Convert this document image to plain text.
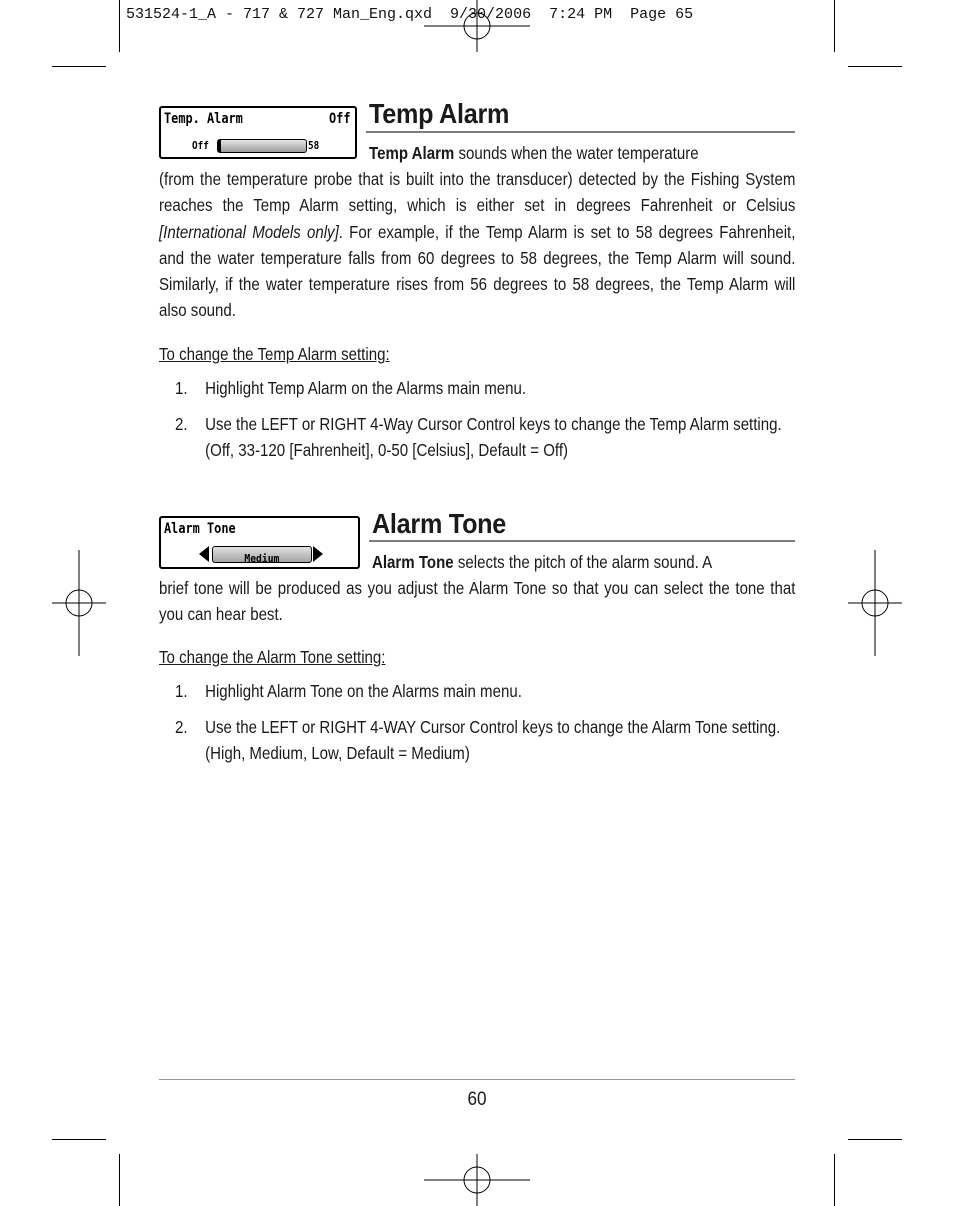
531524-1_A - 717 & 727 Man_Eng.qxd  9/30/2006  7:24 PM  Page 65
Temp. Alarm	Off
Off	58
Temp Alarm
Temp Alarm sounds when the water temperature
(from the temperature probe that is built into the transducer) detected by the Fishing System reaches the Temp Alarm setting, which is either set in degrees Fahrenheit or Celsius [International Models only]. For example, if the Temp Alarm is set to 58 degrees Fahrenheit, and the water temperature falls from 60 degrees to 58 degrees, the Temp Alarm will sound. Similarly, if the water temperature rises from 56 degrees to 58 degrees, the Temp Alarm will also sound.
To change the Temp Alarm setting:
1. Highlight Temp Alarm on the Alarms main menu.
2. Use the LEFT or RIGHT 4-Way Cursor Control keys to change the Temp Alarm setting. (Off, 33-120 [Fahrenheit], 0-50 [Celsius], Default = Off)
Alarm Tone
Medium
Alarm Tone
Alarm Tone selects the pitch of the alarm sound. A
brief tone will be produced as you adjust the Alarm Tone so that you can select the tone that you can hear best.
To change the Alarm Tone setting:
1. Highlight Alarm Tone on the Alarms main menu.
2. Use the LEFT or RIGHT 4-WAY Cursor Control keys to change the Alarm Tone setting. (High, Medium, Low, Default = Medium)
60
